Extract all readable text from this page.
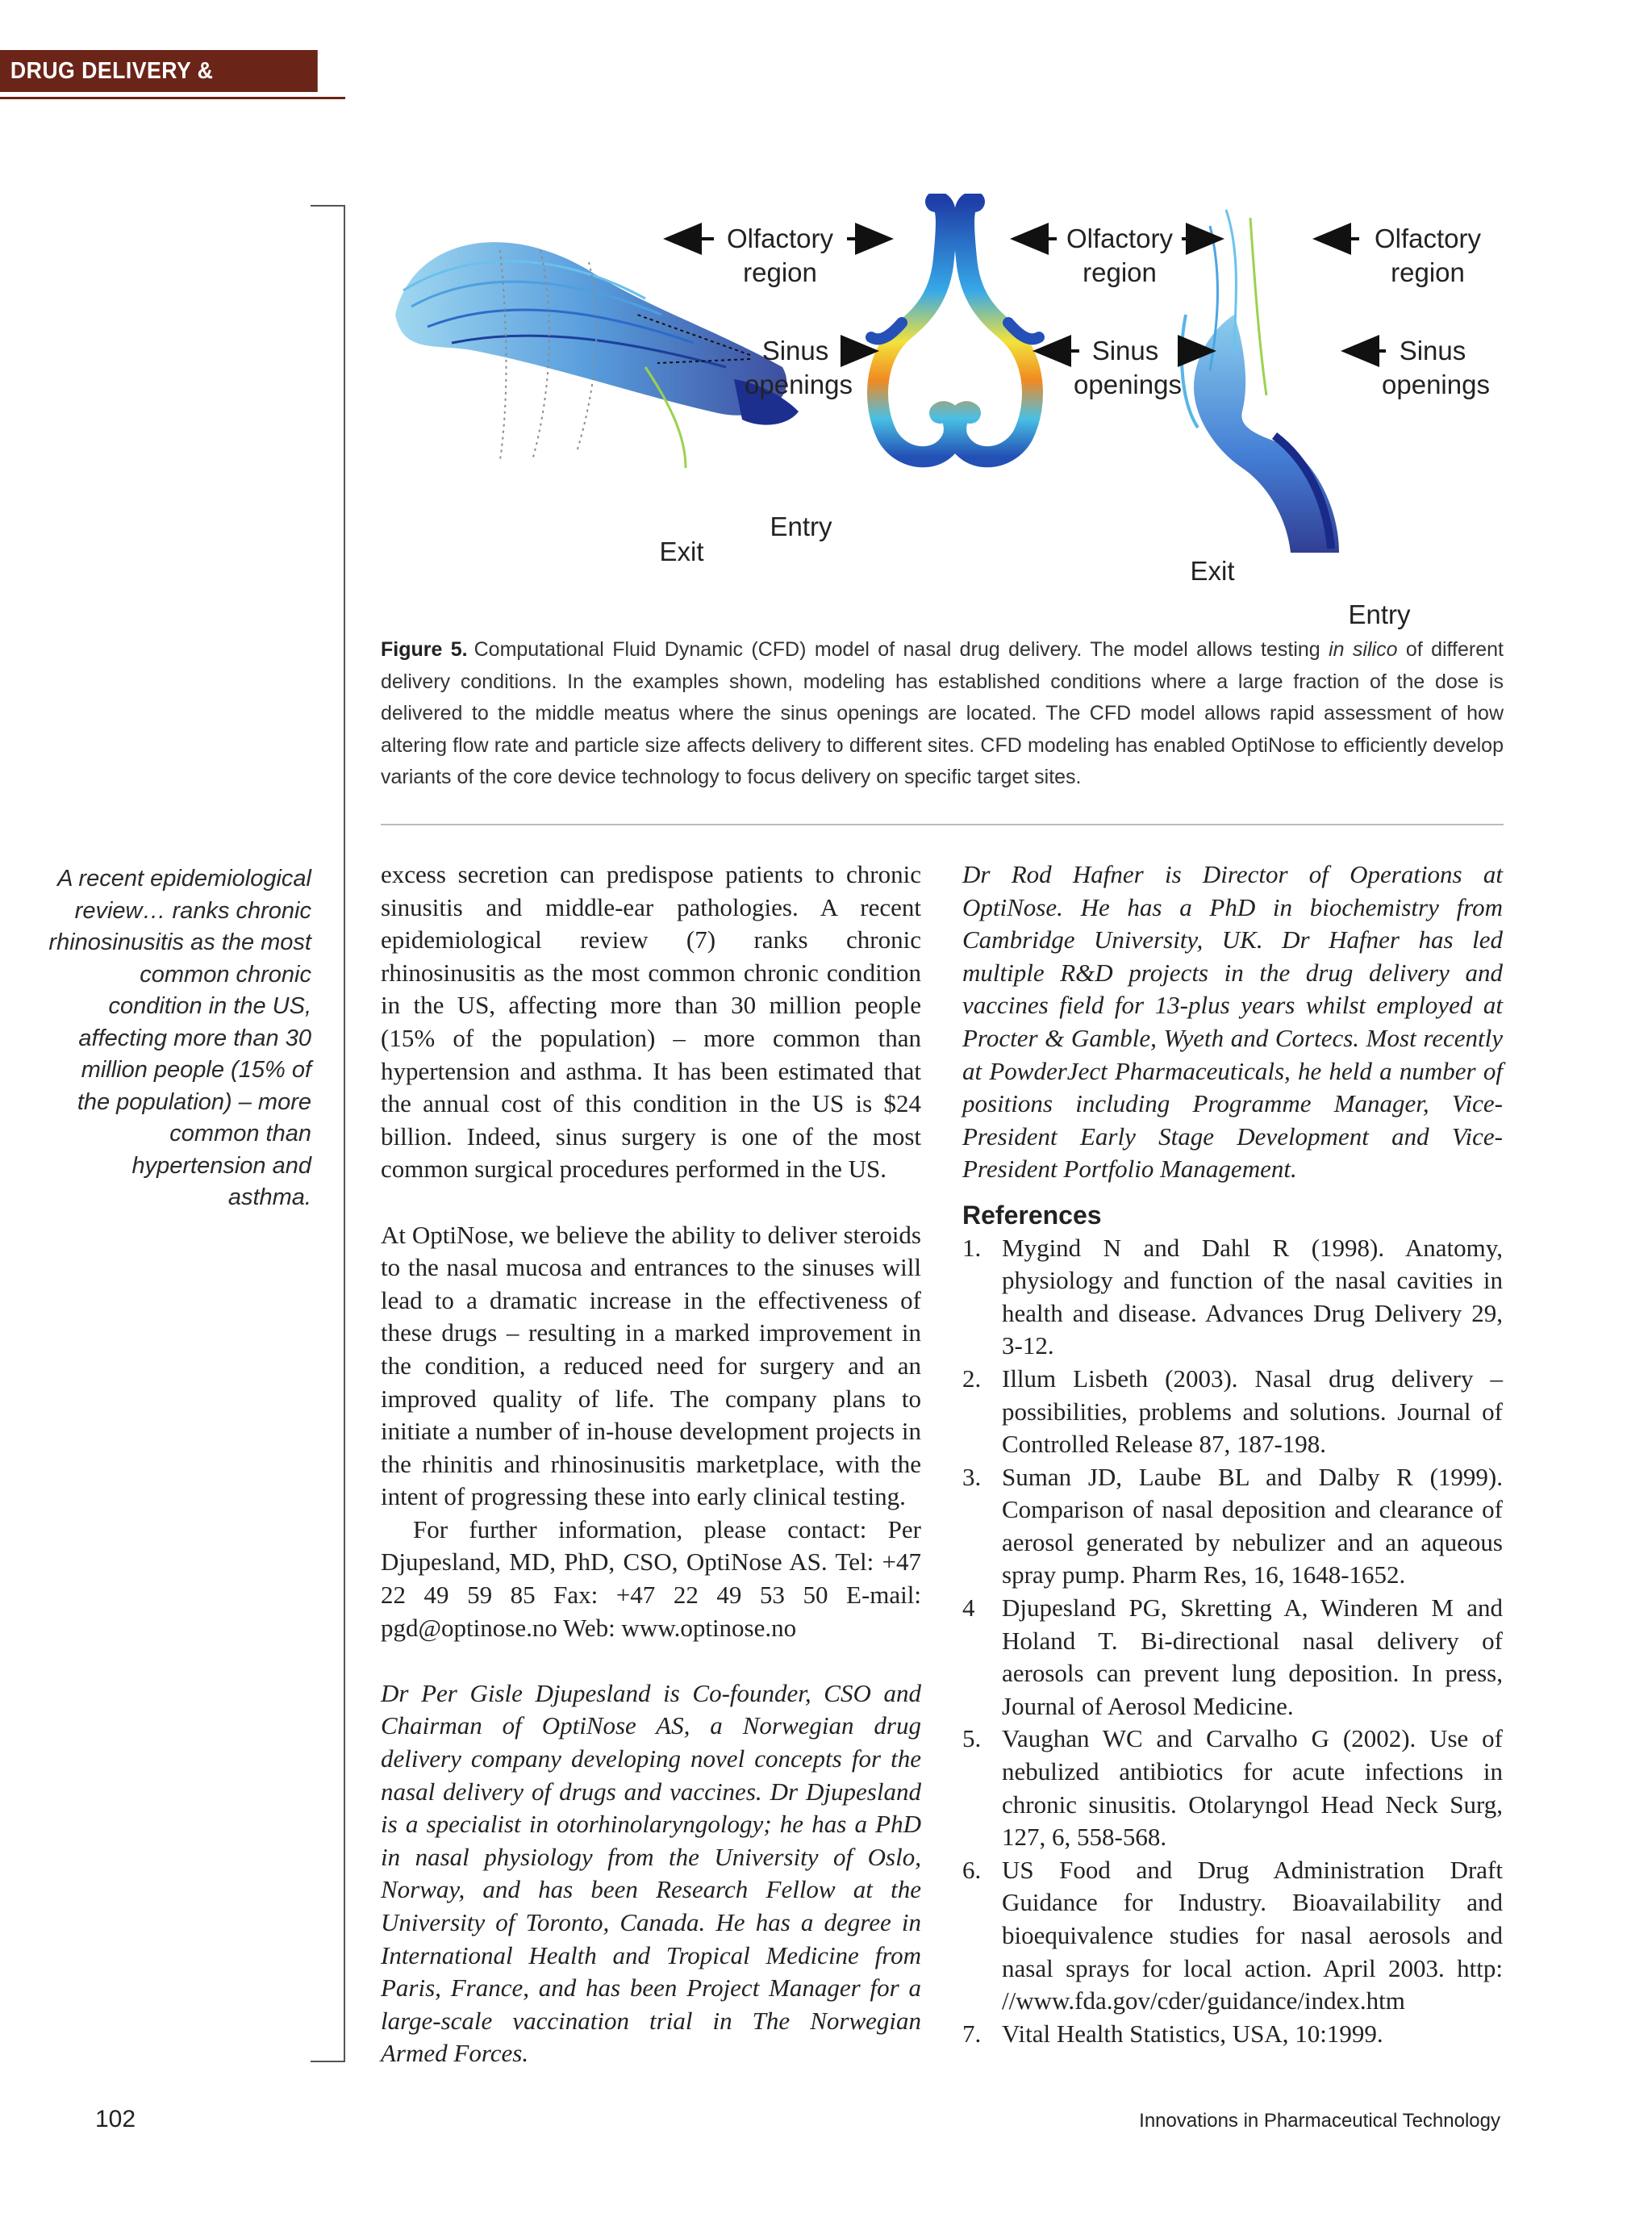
DRUG DELIVERY & FORMULATION
Olfactory
region
Olfactory
region
Olfactory
region
Sinus
openings
Sinus
openings
Sinus
openings
Exit
Entry
Exit
Entry
Figure 5. Computational Fluid Dynamic (CFD) model of nasal drug delivery. The model allows testing in silico of different delivery conditions. In the examples shown, modeling has established conditions where a large fraction of the dose is delivered to the middle meatus where the sinus openings are located. The CFD model allows rapid assessment of how altering flow rate and particle size affects delivery to different sites. CFD modeling has enabled OptiNose to efficiently develop variants of the core device technology to focus delivery on specific target sites.
A recent epidemiological review… ranks chronic rhinosinusitis as the most common chronic condition in the US, affecting more than 30 million people (15% of the population) – more common than hypertension and asthma.

excess secretion can predispose patients to chronic sinusitis and middle-ear pathologies. A recent epidemiological review (7) ranks chronic rhinosinusitis as the most common chronic condition in the US, affecting more than 30 million people (15% of the population) – more common than hypertension and asthma. It has been estimated that the annual cost of this condition in the US is $24 billion. Indeed, sinus surgery is one of the most common surgical procedures performed in the US.

At OptiNose, we believe the ability to deliver steroids to the nasal mucosa and entrances to the sinuses will lead to a dramatic increase in the effectiveness of these drugs – resulting in a marked improvement in the condition, a reduced need for surgery and an improved quality of life. The company plans to initiate a number of in-house development projects in the rhinitis and rhinosinusitis marketplace, with the intent of progressing these into early clinical testing.

For further information, please contact: Per Djupesland, MD, PhD, CSO, OptiNose AS. Tel: +47 22 49 59 85 Fax: +47 22 49 53 50 E-mail: pgd@optinose.no Web: www.optinose.no

Dr Per Gisle Djupesland is Co-founder, CSO and Chairman of OptiNose AS, a Norwegian drug delivery company developing novel concepts for the nasal delivery of drugs and vaccines. Dr Djupesland is a specialist in otorhinolaryngology; he has a PhD in nasal physiology from the University of Oslo, Norway, and has been Research Fellow at the University of Toronto, Canada. He has a degree in International Health and Tropical Medicine from Paris, France, and has been Project Manager for a large-scale vaccination trial in The Norwegian Armed Forces.

Dr Rod Hafner is Director of Operations at OptiNose. He has a PhD in biochemistry from Cambridge University, UK. Dr Hafner has led multiple R&D projects in the drug delivery and vaccines field for 13-plus years whilst employed at Procter & Gamble, Wyeth and Cortecs. Most recently at PowderJect Pharmaceuticals, he held a number of positions including Programme Manager, Vice-President Early Stage Development and Vice-President Portfolio Management.

References
1. Mygind N and Dahl R (1998). Anatomy, physiology and function of the nasal cavities in health and disease. Advances Drug Delivery 29, 3-12.
2. Illum Lisbeth (2003). Nasal drug delivery – possibilities, problems and solutions. Journal of Controlled Release 87, 187-198.
3. Suman JD, Laube BL and Dalby R (1999). Comparison of nasal deposition and clearance of aerosol generated by nebulizer and an aqueous spray pump. Pharm Res, 16, 1648-1652.
4 Djupesland PG, Skretting A, Winderen M and Holand T. Bi-directional nasal delivery of aerosols can prevent lung deposition. In press, Journal of Aerosol Medicine.
5. Vaughan WC and Carvalho G (2002). Use of nebulized antibiotics for acute infections in chronic sinusitis. Otolaryngol Head Neck Surg, 127, 6, 558-568.
6. US Food and Drug Administration Draft Guidance for Industry. Bioavailability and bioequivalence studies for nasal aerosols and nasal sprays for local action. April 2003. http: //www.fda.gov/cder/guidance/index.htm
7. Vital Health Statistics, USA, 10:1999.
102	Innovations in Pharmaceutical Technology
